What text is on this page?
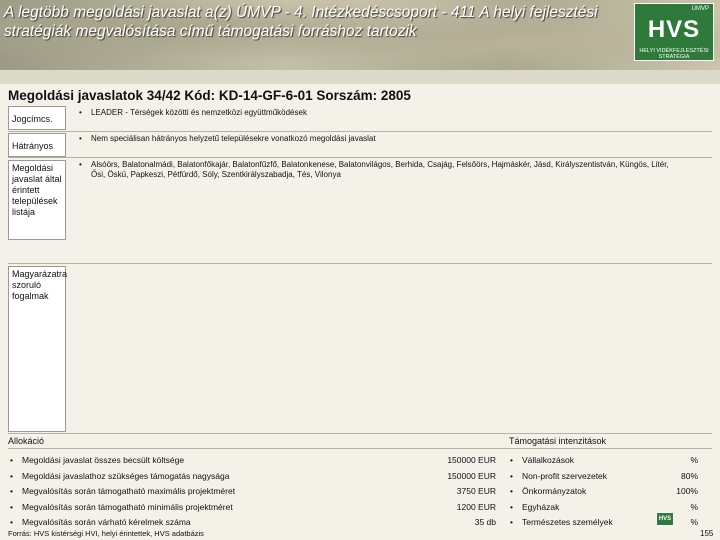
A legtöbb megoldási javaslat a(z) ÚMVP - 4. Intézkedéscsoport - 411 A helyi fejlesztési stratégiák megvalósítása című támogatási forráshoz tartozik
ÚMVP
HVS
HELYI VIDÉKFEJLESZTÉSI STRATÉGIA
Megoldási javaslatok 34/42 Kód: KD-14-GF-6-01 Sorszám: 2805
Jogcímcs.
•	LEADER - Térségek közötti és nemzetközi együttműködések
Hátrányos
•	Nem speciálisan hátrányos helyzetű településekre vonatkozó megoldási javaslat
Megoldási javaslat által érintett települések listája
•	Alsóörs, Balatonalmádi, Balatonfőkajár, Balatonfűzfő, Balatonkenese, Balatonvilágos, Berhida, Csajág, Felsőörs, Hajmáskér, Jásd, Királyszentistván, Küngös, Litér, Ősi, Öskü, Papkeszi, Pétfürdő, Sóly, Szentkirályszabadja, Tés, Vilonya
Magyarázatra szoruló fogalmak
Allokáció	Támogatási intenzitások
• Megoldási javaslat összes becsült költsége	150000 EUR
• Megoldási javaslathoz szükséges támogatás nagysága	150000 EUR
• Megvalósítás során támogatható maximális projektméret	3750 EUR
• Megvalósítás során támogatható minimális projektméret	1200 EUR
• Megvalósítás során várható kérelmek száma	35 db
• Vállalkozások	%
• Non-profit szervezetek	80%
• Önkormányzatok	100%
• Egyházak	%
• Természetes személyek	%
Forrás: HVS kistérségi HVI, helyi érintettek, HVS adatbázis
HVS
155
